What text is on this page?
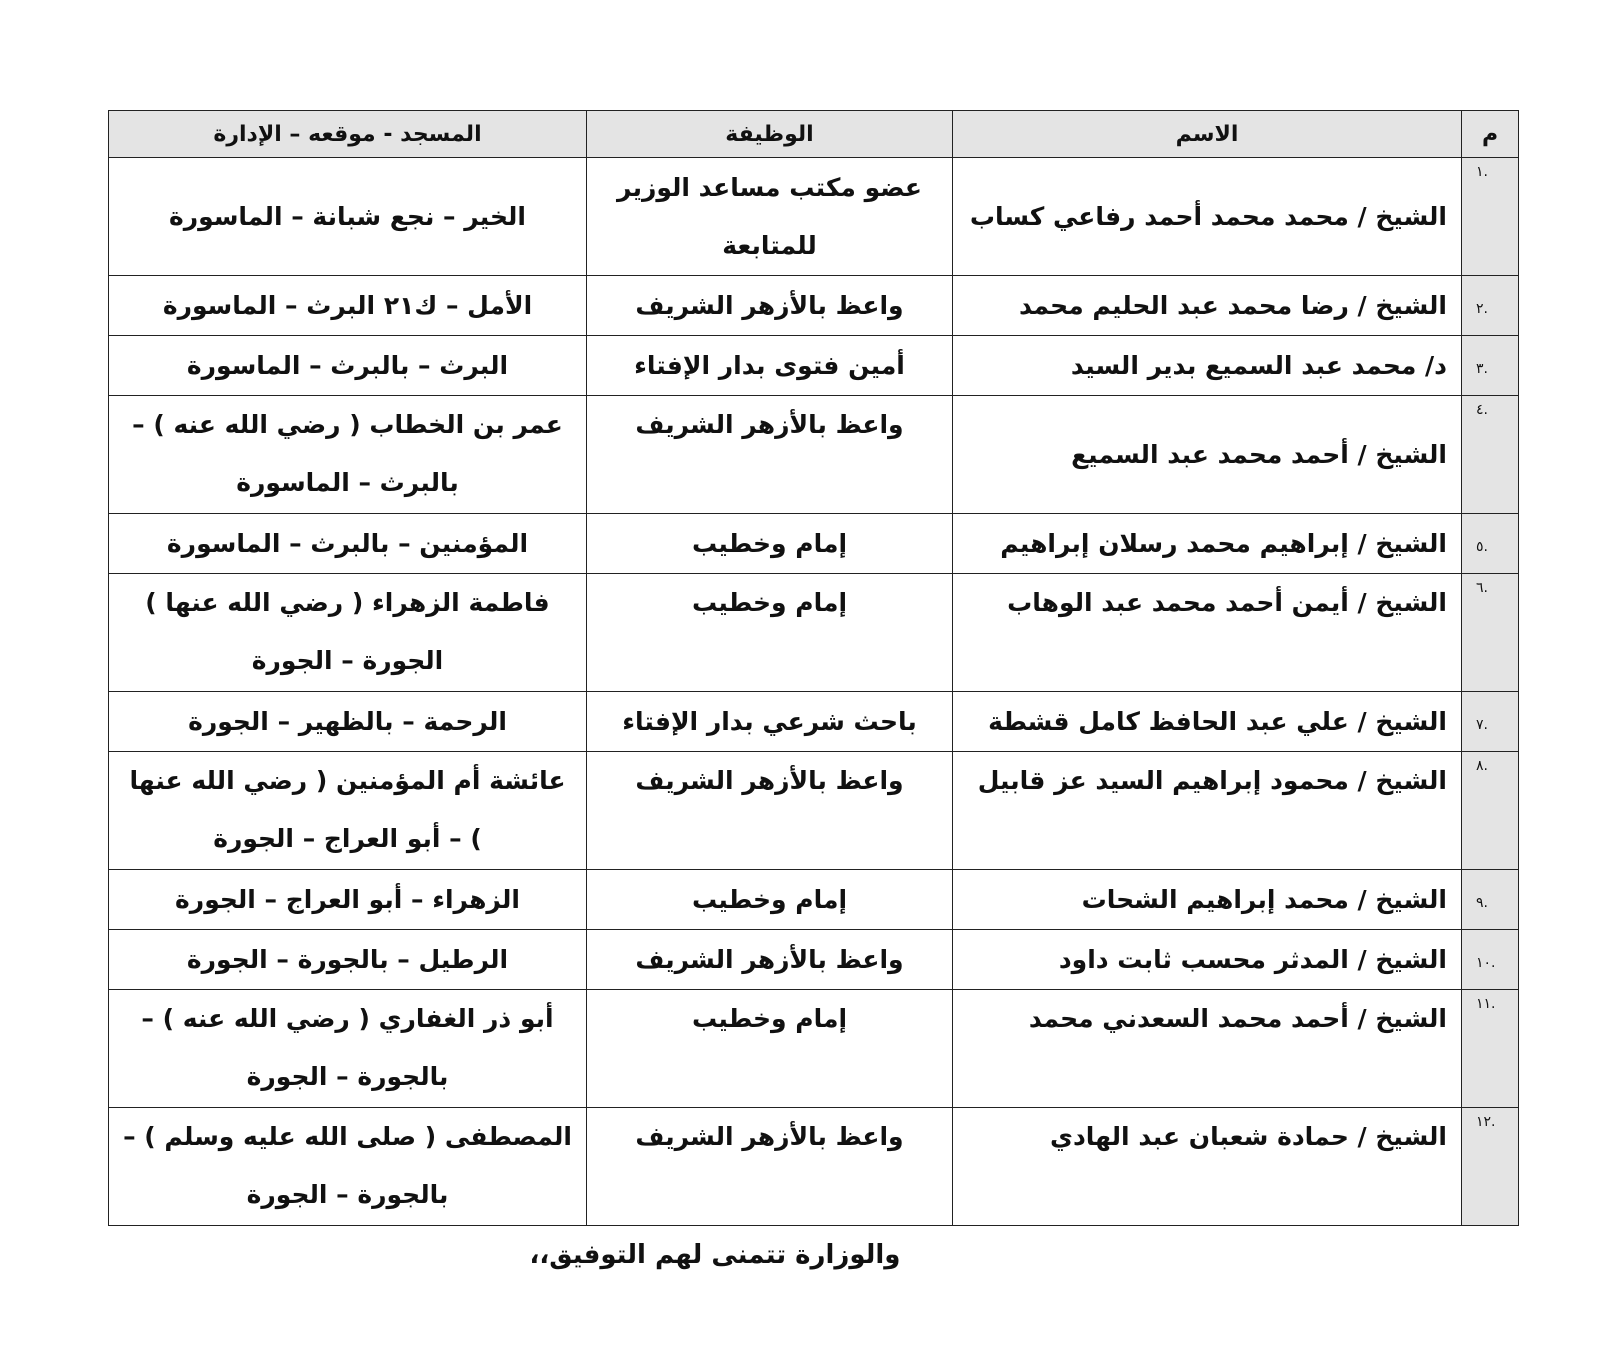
م	الاسم	الوظيفة	المسجد - موقعه – الإدارة
١.	الشيخ / محمد محمد أحمد رفاعي كساب	عضو مكتب مساعد الوزير للمتابعة	الخير – نجع شبانة – الماسورة
٢.	الشيخ / رضا محمد عبد الحليم محمد	واعظ بالأزهر الشريف	الأمل – ك٢١ البرث – الماسورة
٣.	د/ محمد عبد السميع بدير السيد	أمين فتوى بدار الإفتاء	البرث – بالبرث – الماسورة
٤.	الشيخ / أحمد محمد عبد السميع	واعظ بالأزهر الشريف	عمر بن الخطاب ( رضي الله عنه ) – بالبرث – الماسورة
٥.	الشيخ / إبراهيم محمد رسلان إبراهيم	إمام وخطيب	المؤمنين – بالبرث – الماسورة
٦.	الشيخ / أيمن أحمد محمد عبد الوهاب	إمام وخطيب	فاطمة الزهراء ( رضي الله عنها ) الجورة – الجورة
٧.	الشيخ / علي عبد الحافظ كامل قشطة	باحث شرعي بدار الإفتاء	الرحمة – بالظهير – الجورة
٨.	الشيخ / محمود إبراهيم السيد عز قابيل	واعظ بالأزهر الشريف	عائشة أم المؤمنين ( رضي الله عنها ) – أبو العراج – الجورة
٩.	الشيخ / محمد إبراهيم الشحات	إمام وخطيب	الزهراء – أبو العراج – الجورة
١٠.	الشيخ / المدثر محسب ثابت داود	واعظ بالأزهر الشريف	الرطيل – بالجورة – الجورة
١١.	الشيخ / أحمد محمد السعدني محمد	إمام وخطيب	أبو ذر الغفاري ( رضي الله عنه ) – بالجورة – الجورة
١٢.	الشيخ / حمادة شعبان عبد الهادي	واعظ بالأزهر الشريف	المصطفى ( صلى الله عليه وسلم ) – بالجورة – الجورة
والوزارة تتمنى لهم التوفيق،،
